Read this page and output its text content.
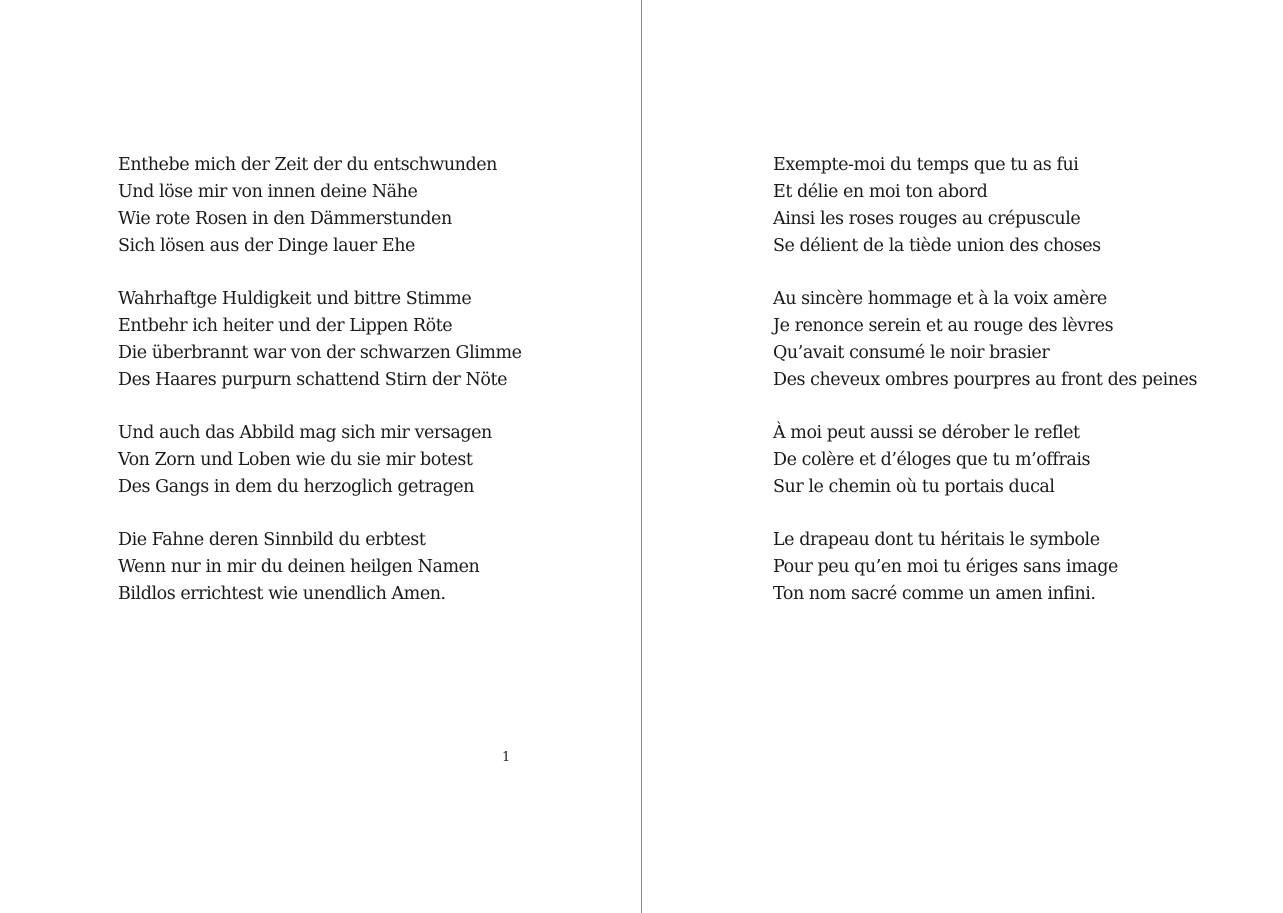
Enthebe mich der Zeit der du entschwunden
Und löse mir von innen deine Nähe
Wie rote Rosen in den Dämmerstunden
Sich lösen aus der Dinge lauer Ehe
Wahrhaftge Huldigkeit und bittre Stimme
Entbehr ich heiter und der Lippen Röte
Die überbrannt war von der schwarzen Glimme
Des Haares purpurn schattend Stirn der Nöte
Und auch das Abbild mag sich mir versagen
Von Zorn und Loben wie du sie mir botest
Des Gangs in dem du herzoglich getragen
Die Fahne deren Sinnbild du erbtest
Wenn nur in mir du deinen heilgen Namen
Bildlos errichtest wie unendlich Amen.
1
Exempte-moi du temps que tu as fui
Et délie en moi ton abord
Ainsi les roses rouges au crépuscule
Se délient de la tiède union des choses
Au sincère hommage et à la voix amère
Je renonce serein et au rouge des lèvres
Qu’avait consumé le noir brasier
Des cheveux ombres pourpres au front des peines
À moi peut aussi se dérober le reflet
De colère et d’éloges que tu m’offrais
Sur le chemin où tu portais ducal
Le drapeau dont tu héritais le symbole
Pour peu qu’en moi tu ériges sans image
Ton nom sacré comme un amen infini.
